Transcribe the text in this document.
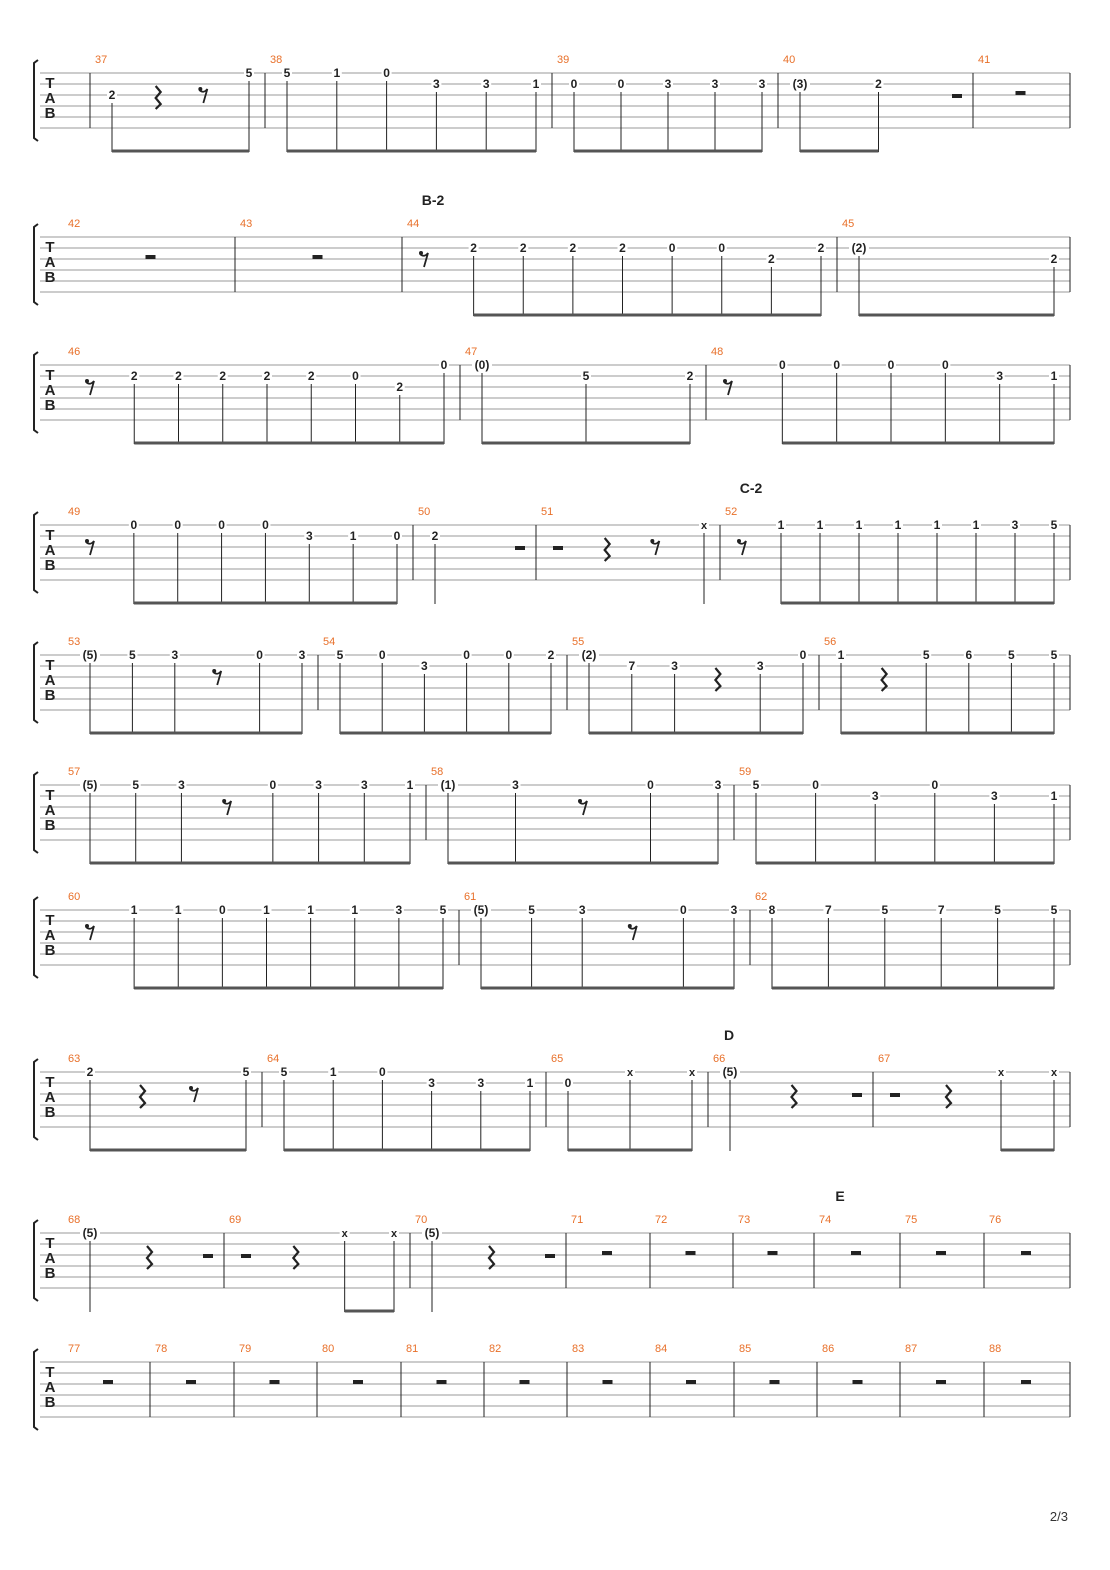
T
A
B
37
2
5
38
5	1	0
3	3	1
39
0	0	3	3	3
40
(3)	2
41
T
A
B
B-2
42	43	44
2	2	2	2	0	0
2
2
45
(2)
2
T
A
B
46
2	2	2	2	2	0
2
0
47
(0)
5	2
48
0	0	0	0
3	1
T
A
B
C-2
49
0	0	0	0
3	1	0
50
2
51
x
52
1	1	1	1	1	1	3	5
T
A
B
53
(5)	5	3	0	3
54
5	0
3
0	0	2
55
(2)
7	3	3
0
56
1	5	6	5	5
T
A
B
57
(5)	5	3	0	3	3	1
58
(1)	3	0	3
59
5	0
3
0
3	1
T
A
B
60
1	1	0	1	1	1	3	5
61
(5)	5	3	0	3
62
8	7	5	7	5	5
T
A
B
D
63
2	5
64
5	1	0
3	3	1
65
0
x	x
66
(5)
67
x	x
T
A
B
E
68
(5)
69
x	x
70
(5)
71	72	73	74	75	76
T
A
B
77	78	79	80	81	82	83	84	85	86	87	88
2/3
